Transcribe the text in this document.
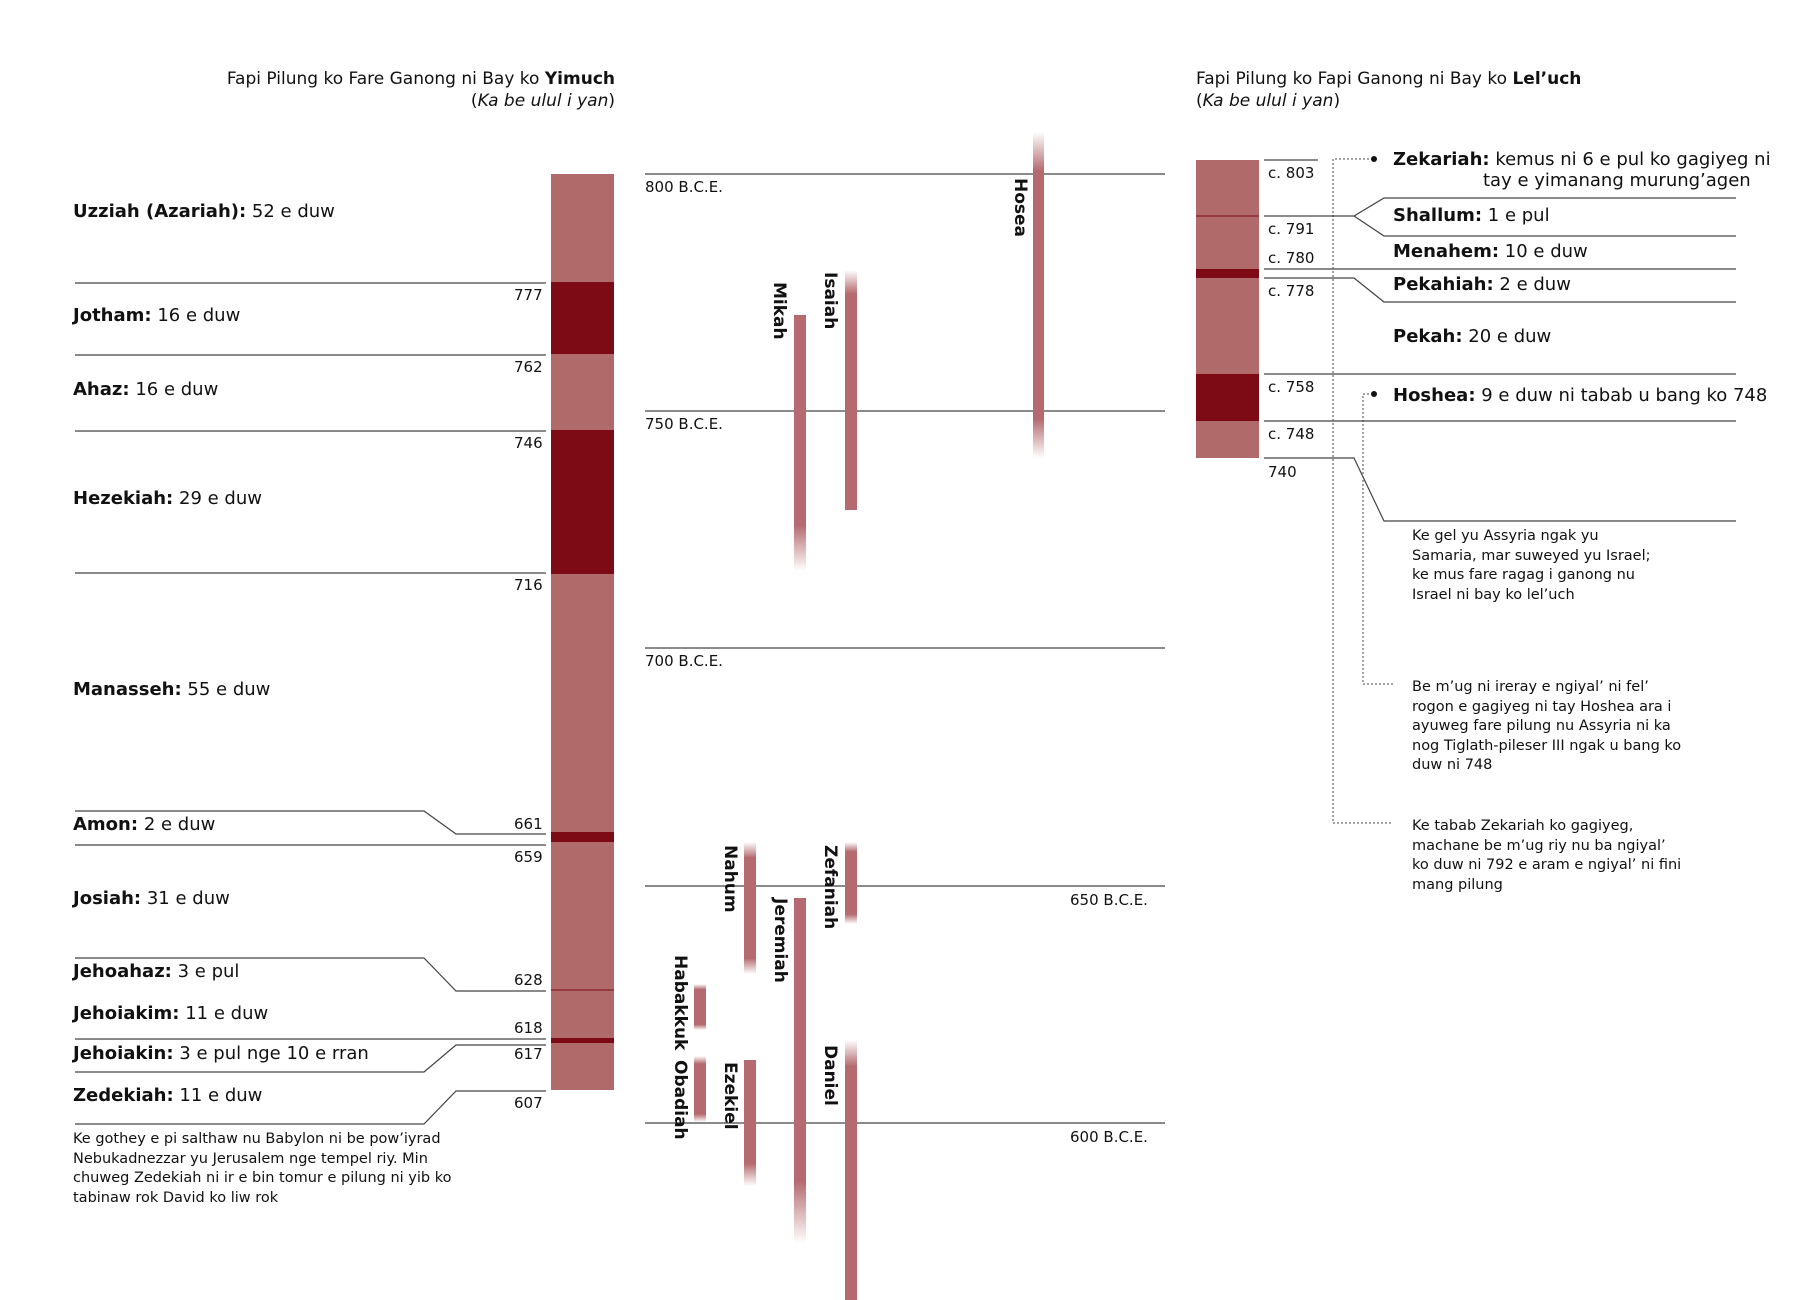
Fapi Pilung ko Fare Ganong ni Bay ko Yimuch
(Ka be ulul i yan)
Fapi Pilung ko Fapi Ganong ni Bay ko Lel’uch
(Ka be ulul i yan)
Uzziah (Azariah): 52 e duw
Jotham: 16 e duw
Ahaz: 16 e duw
Hezekiah: 29 e duw
Manasseh: 55 e duw
Amon: 2 e duw
Josiah: 31 e duw
Jehoahaz: 3 e pul
Jehoiakim: 11 e duw
Jehoiakin: 3 e pul nge 10 e rran
Zedekiah: 11 e duw
777
762
746
716
661
659
628
618
617
607
Ke gothey e pi salthaw nu Babylon ni be pow’iyrad Nebukadnezzar yu Jerusalem nge tempel riy. Min chuweg Zedekiah ni ir e bin tomur e pilung ni yib ko tabinaw rok David ko liw rok
800 B.C.E.
750 B.C.E.
700 B.C.E.
650 B.C.E.
600 B.C.E.
Hosea
Isaiah
Mikah
Nahum	Zefaniah
Jeremiah
Habakkuk
Obadiah Ezekiel	Daniel
c. 803
c. 791
c. 780
c. 778
c. 758
c. 748
740
Zekariah: kemus ni 6 e pul ko gagiyeg ni
tay e yimanang murung’agen
Shallum: 1 e pul
Menahem: 10 e duw
Pekahiah: 2 e duw
Pekah: 20 e duw
Hoshea: 9 e duw ni tabab u bang ko 748
Ke gel yu Assyria ngak yu Samaria, mar suweyed yu Israel; ke mus fare ragag i ganong nu Israel ni bay ko lel’uch
Be m’ug ni ireray e ngiyal’ ni fel’ rogon e gagiyeg ni tay Hoshea ara i ayuweg fare pilung nu Assyria ni ka nog Tiglath-pileser III ngak u bang ko duw ni 748
Ke tabab Zekariah ko gagiyeg, machane be m’ug riy nu ba ngiyal’ ko duw ni 792 e aram e ngiyal’ ni fini mang pilung
